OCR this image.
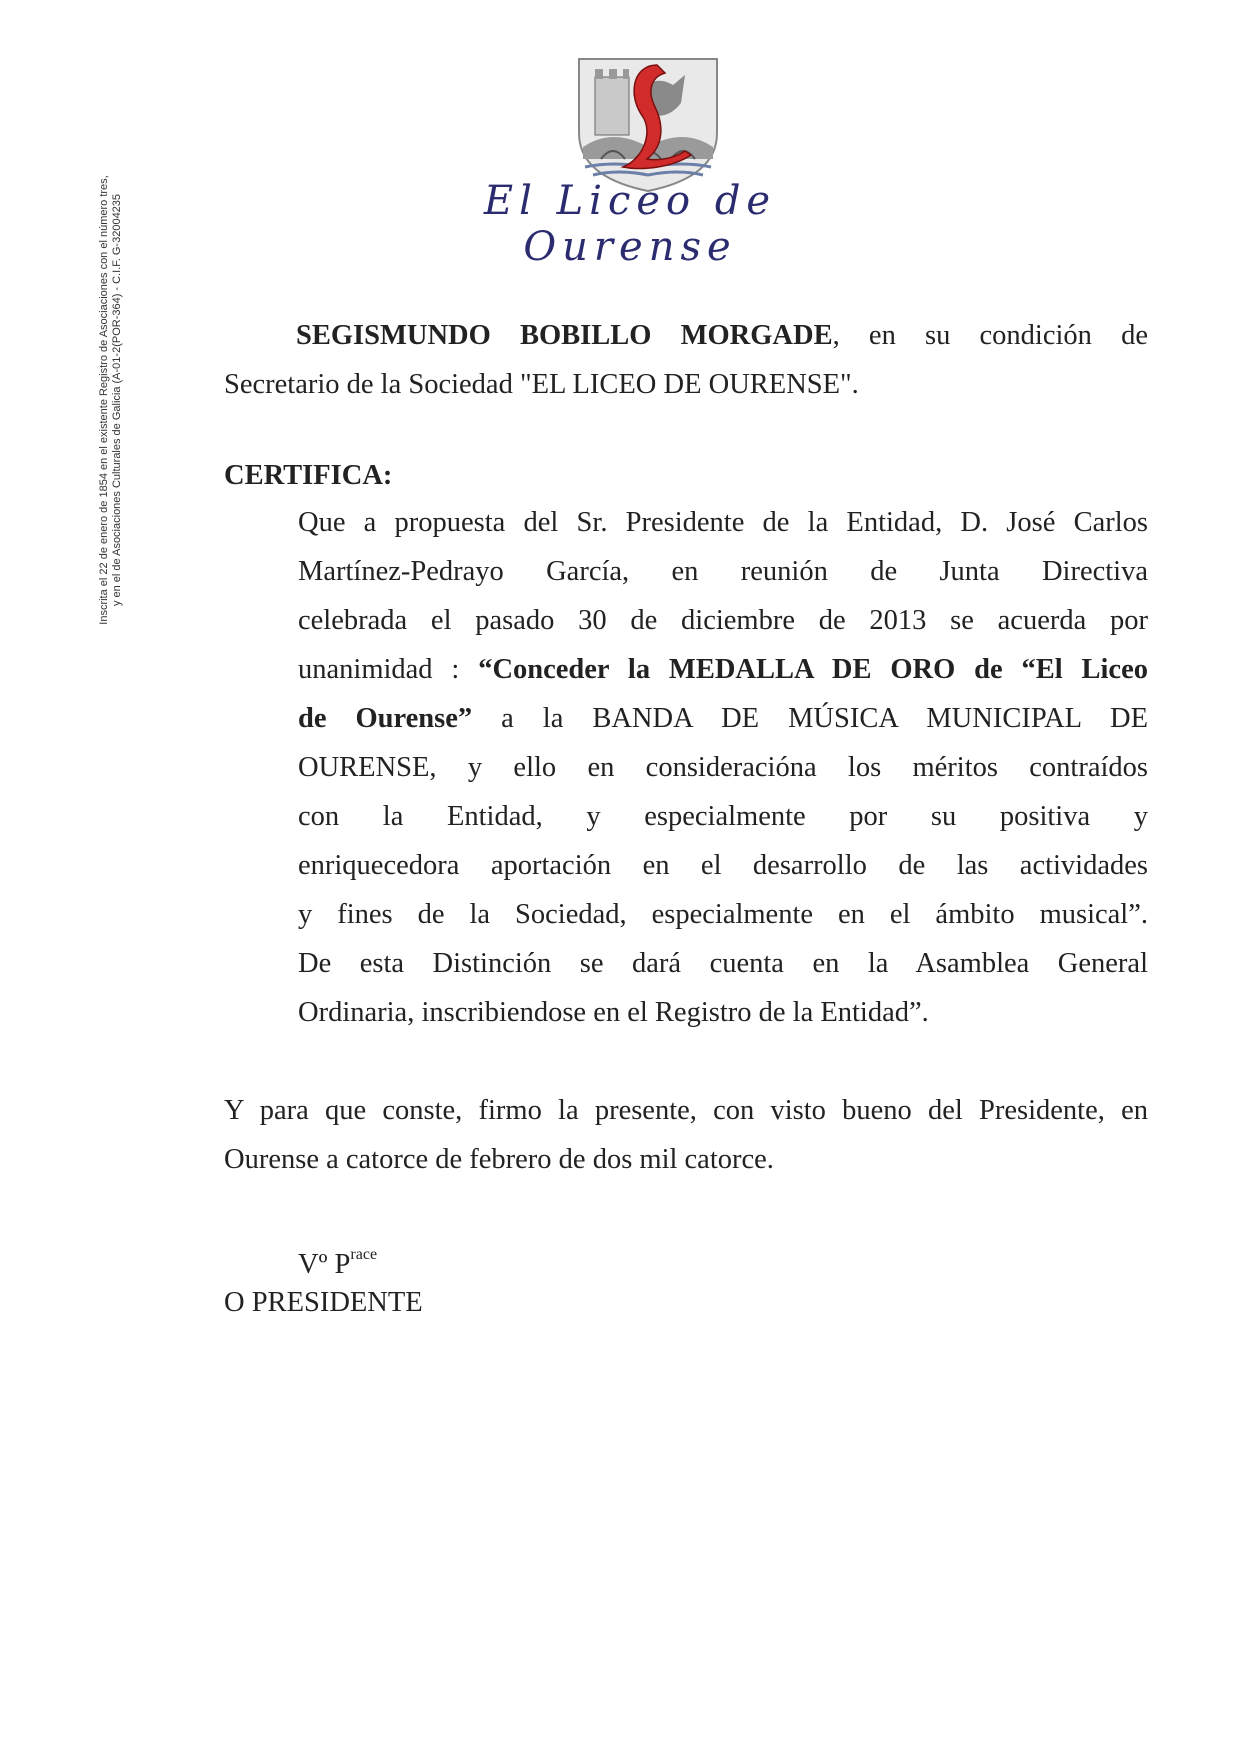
El Liceo de Ourense
Inscrita el 22 de enero de 1854 en el existente Registro de Asociaciones con el número tres, y en el de Asociaciones Culturales de Galicia (A-01-2(POR-364) - C.I.F. G-32004235	SEGISMUNDO BOBILLO MORGADE, en su condición de
Secretario de la Sociedad "EL LICEO DE OURENSE".
CERTIFICA:
Que a propuesta del Sr. Presidente de la Entidad, D. José Carlos
Martínez-Pedrayo García, en reunión de Junta Directiva
celebrada el pasado 30 de diciembre de 2013 se acuerda por
unanimidad : “Conceder la MEDALLA DE ORO de “El Liceo
de Ourense” a la BANDA DE MÚSICA MUNICIPAL DE
OURENSE, y ello en consideracióna los méritos contraídos
con la Entidad, y especialmente por su positiva y
enriquecedora aportación en el desarrollo de las actividades
y fines de la Sociedad, especialmente en el ámbito musical”.
De esta Distinción se dará cuenta en la Asamblea General
Ordinaria, inscribiendose en el Registro de la Entidad”.
Y para que conste, firmo la presente, con visto bueno del Presidente, en
Ourense a catorce de febrero de dos mil catorce.
Vº $P^{race}$
O PRESIDENTE
